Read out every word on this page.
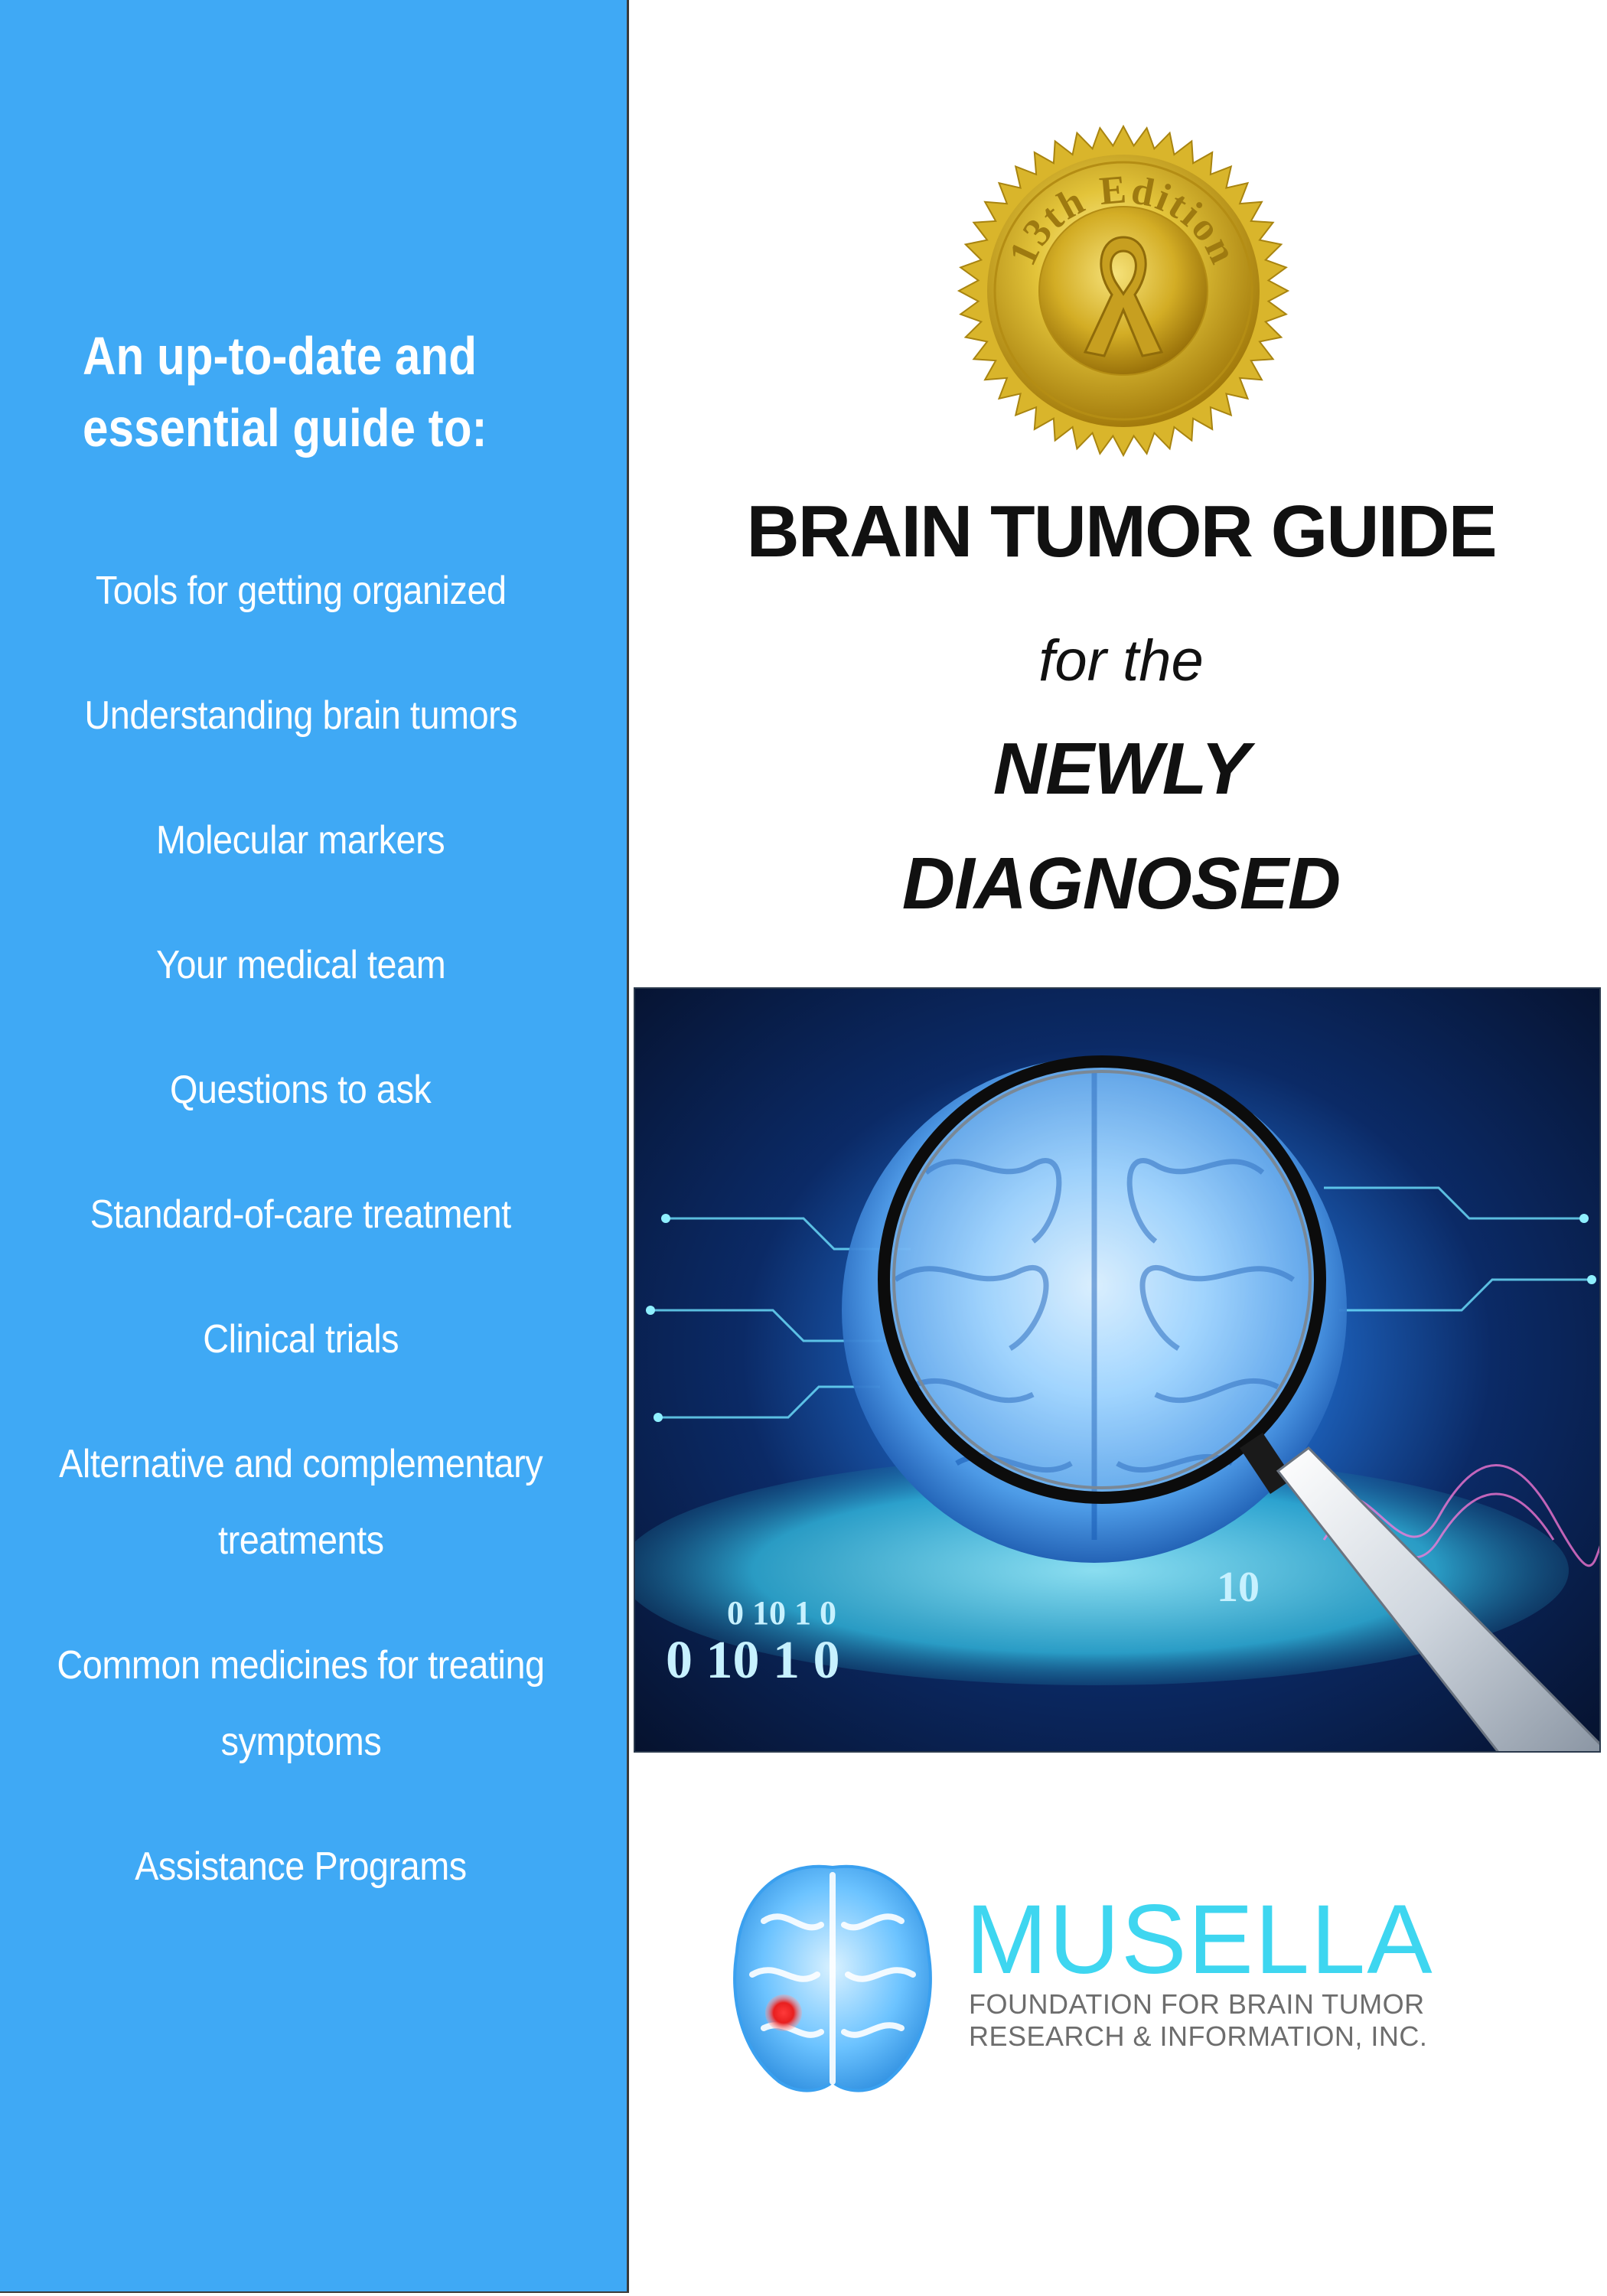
An up-to-date and
essential guide to:
Tools for getting organized
Understanding brain tumors
Molecular markers
Your medical team
Questions to ask
Standard-of-care treatment
Clinical trials
Alternative and complementary
treatments
Common medicines for treating
symptoms
Assistance Programs
13th Edition
BRAIN TUMOR GUIDE
for the
NEWLY
DIAGNOSED
0 10 1 0
0 10 1 0
10
MUSELLA
FOUNDATION FOR BRAIN TUMOR
RESEARCH & INFORMATION, INC.
